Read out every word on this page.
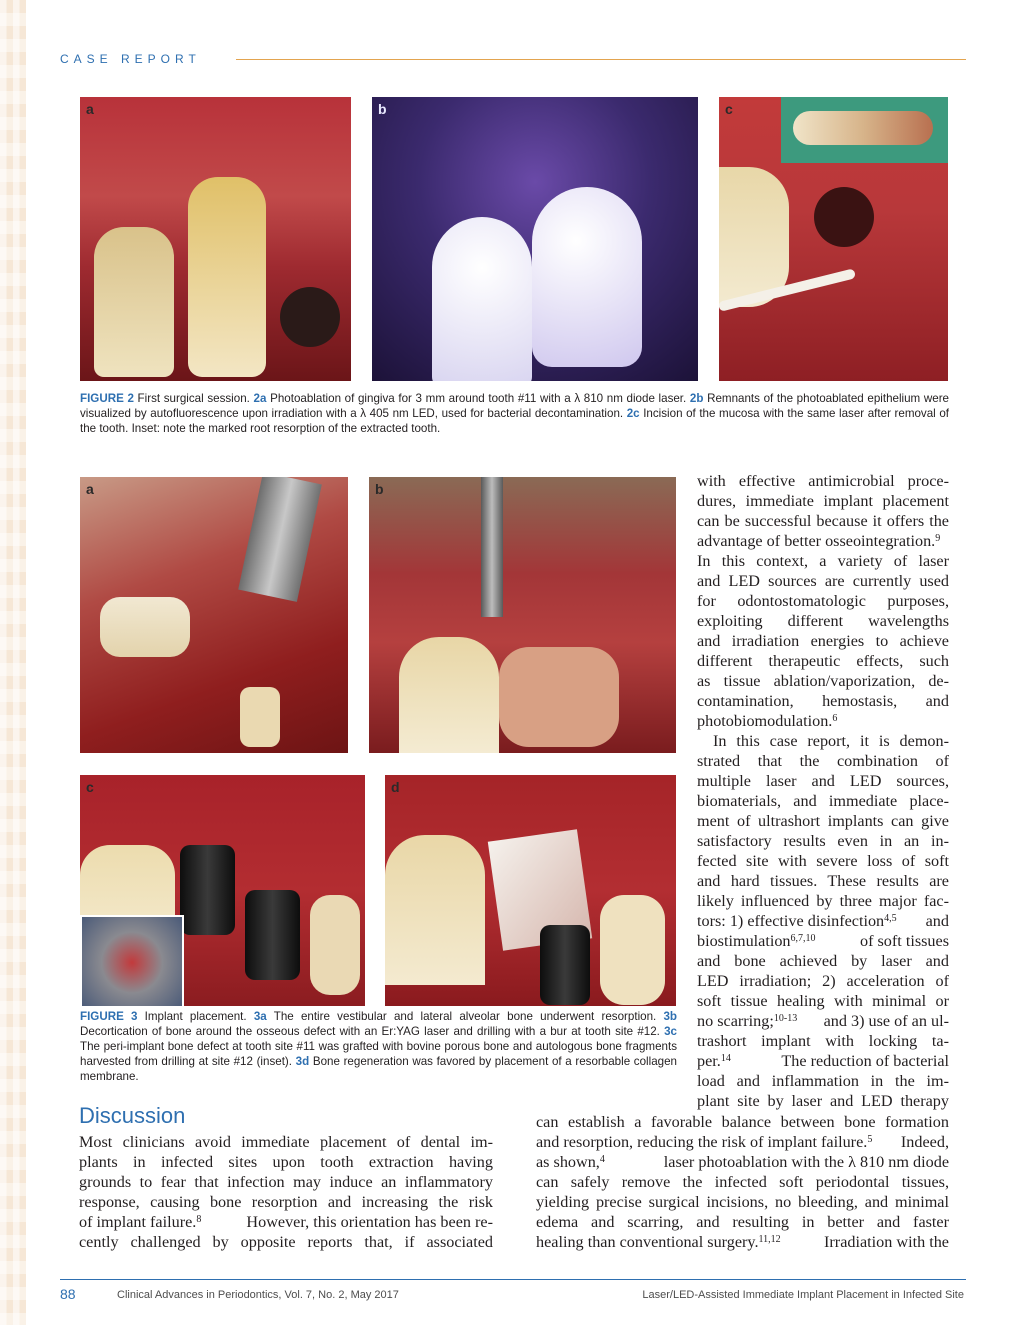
CASE REPORT
a	b	c
FIGURE 2 First surgical session. 2a Photoablation of gingiva for 3 mm around tooth #11 with a λ 810 nm diode laser. 2b Remnants of the photoablated epithelium were visualized by autofluorescence upon irradiation with a λ 405 nm LED, used for bacterial decontamination. 2c Incision of the mucosa with the same laser after removal of the tooth. Inset: note the marked root resorption of the extracted tooth.
a	b
c	d
FIGURE 3 Implant placement. 3a The entire vestibular and lateral alveolar bone underwent resorption. 3b Decortication of bone around the osseous defect with an Er:YAG laser and drilling with a bur at tooth site #12. 3c The peri-implant bone defect at tooth site #11 was grafted with bovine porous bone and autologous bone fragments harvested from drilling at site #12 (inset). 3d Bone regeneration was favored by placement of a resorbable collagen membrane.
with effective antimicrobial proce-
dures, immediate implant placement
can be successful because it offers the
advantage of better osseointegration.$^9$
In this context, a variety of laser
and LED sources are currently used
for odontostomatologic purposes,
exploiting different wavelengths
and irradiation energies to achieve
different therapeutic effects, such
as tissue ablation/vaporization, de-
contamination, hemostasis, and
photobiomodulation.$^6$
In this case report, it is demon-
strated that the combination of
multiple laser and LED sources,
biomaterials, and immediate place-
ment of ultrashort implants can give
satisfactory results even in an in-
fected site with severe loss of soft
and hard tissues. These results are
likely influenced by three major fac-
tors: 1) effective disinfection$^{4,5}$ and
biostimulation$^{6,7,10}$	of soft tissues
and bone achieved by laser and
LED irradiation; 2) acceleration of
soft tissue healing with minimal or
no scarring;$^{10-13}$ and 3) use of an ul-
trashort implant with locking ta-
per.$^{14}$	The reduction of bacterial
load and inflammation in the im-
plant site by laser and LED therapy
Discussion
Most clinicians avoid immediate placement of dental im-
plants in infected sites upon tooth extraction having
grounds to fear that infection may induce an inflammatory
response, causing bone resorption and increasing the risk
of implant failure.$^8$	However, this orientation has been re-
cently challenged by opposite reports that, if associated
can establish a favorable balance between bone formation
and resorption, reducing the risk of implant failure.$^5$ Indeed,
as shown,$^4$	laser photoablation with the λ 810 nm diode
can safely remove the infected soft periodontal tissues,
yielding precise surgical incisions, no bleeding, and minimal
edema and scarring, and resulting in better and faster
healing than conventional surgery.$^{11,12}$	Irradiation with the
88	Clinical Advances in Periodontics, Vol. 7, No. 2, May 2017	Laser/LED-Assisted Immediate Implant Placement in Infected Site
